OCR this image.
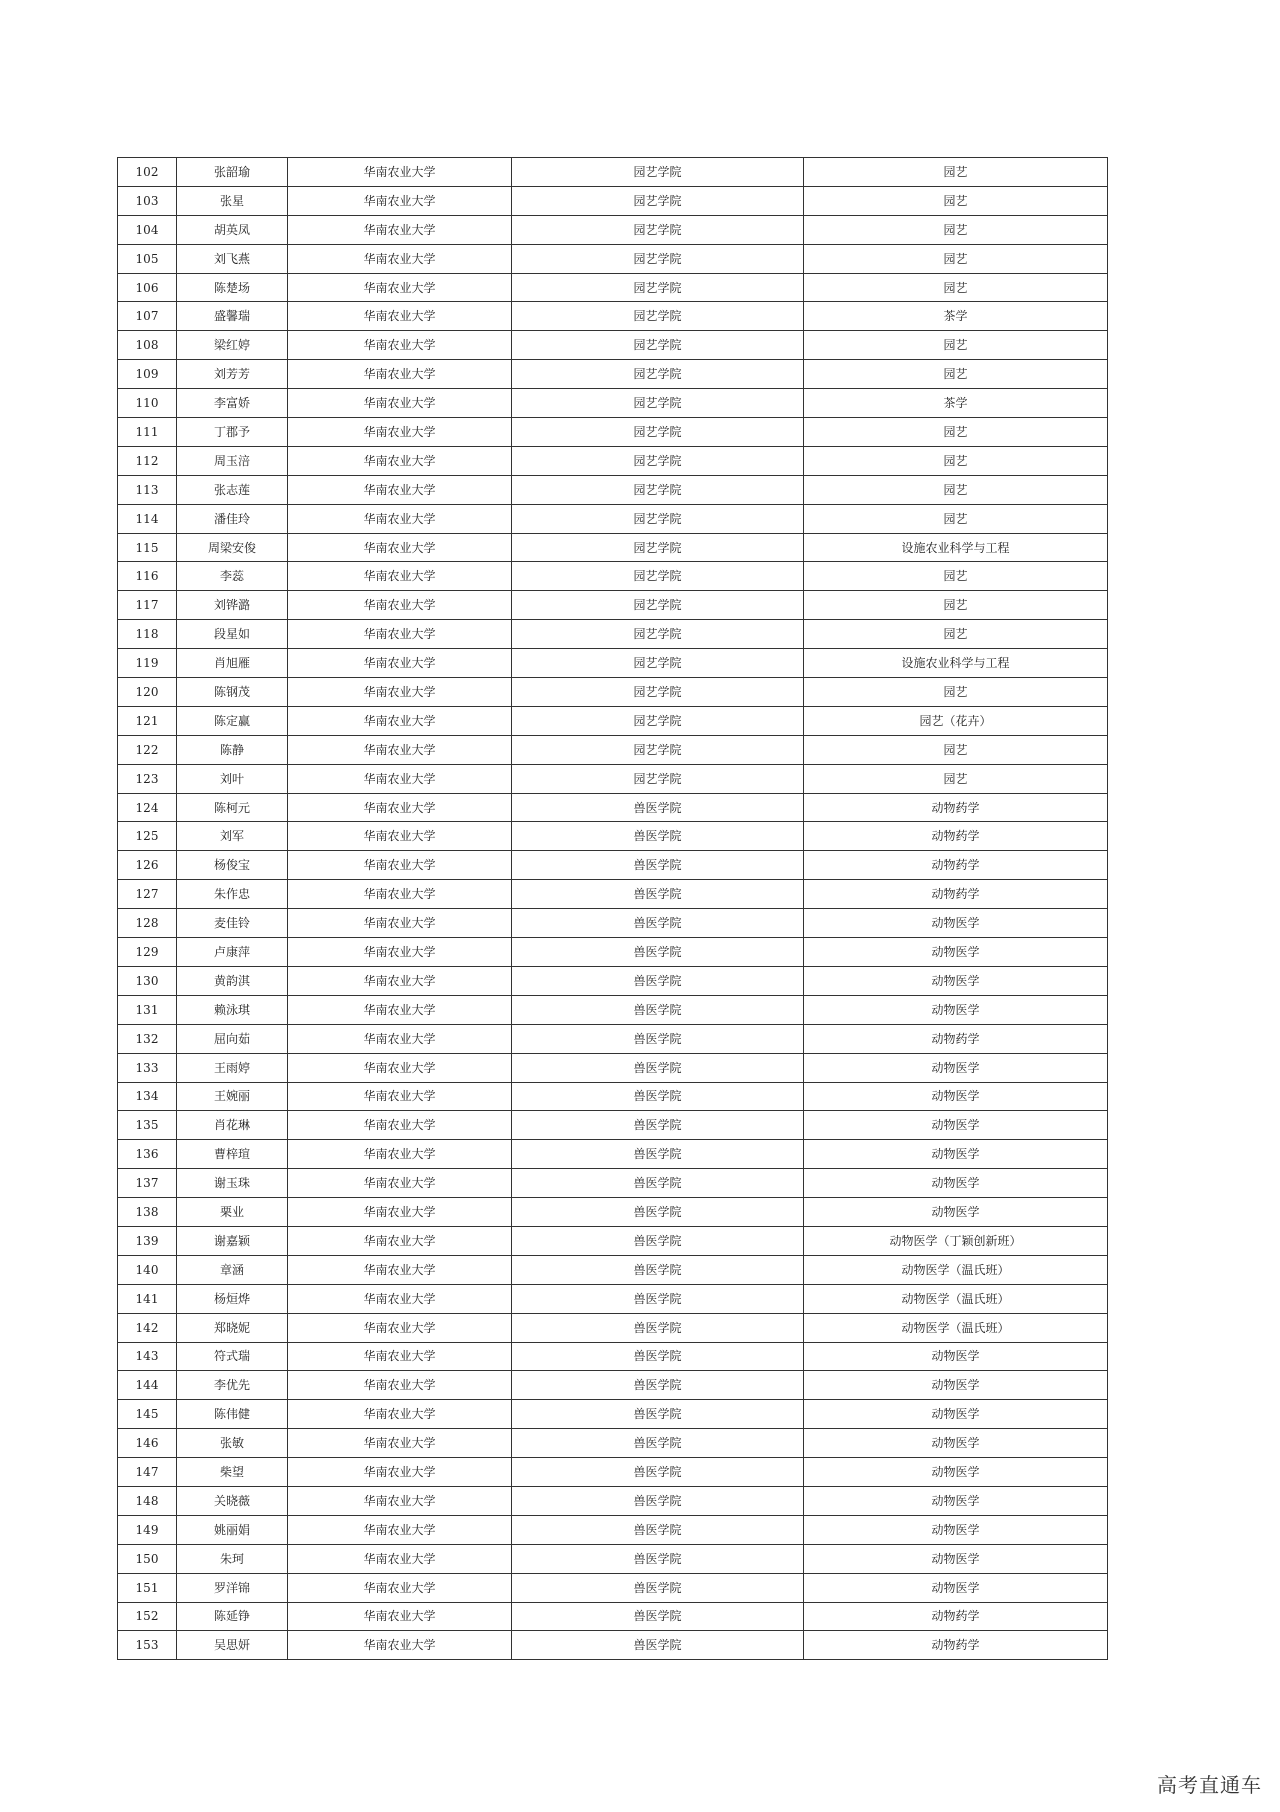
102	张韶瑜	华南农业大学	园艺学院	园艺
103	张星	华南农业大学	园艺学院	园艺
104	胡英凤	华南农业大学	园艺学院	园艺
105	刘飞燕	华南农业大学	园艺学院	园艺
106	陈楚场	华南农业大学	园艺学院	园艺
107	盛馨瑞	华南农业大学	园艺学院	茶学
108	梁红婷	华南农业大学	园艺学院	园艺
109	刘芳芳	华南农业大学	园艺学院	园艺
110	李富娇	华南农业大学	园艺学院	茶学
111	丁郡予	华南农业大学	园艺学院	园艺
112	周玉涪	华南农业大学	园艺学院	园艺
113	张志莲	华南农业大学	园艺学院	园艺
114	潘佳玲	华南农业大学	园艺学院	园艺
115	周梁安俊	华南农业大学	园艺学院	设施农业科学与工程
116	李蕊	华南农业大学	园艺学院	园艺
117	刘铧潞	华南农业大学	园艺学院	园艺
118	段星如	华南农业大学	园艺学院	园艺
119	肖旭雁	华南农业大学	园艺学院	设施农业科学与工程
120	陈钢茂	华南农业大学	园艺学院	园艺
121	陈定赢	华南农业大学	园艺学院	园艺（花卉）
122	陈静	华南农业大学	园艺学院	园艺
123	刘叶	华南农业大学	园艺学院	园艺
124	陈柯元	华南农业大学	兽医学院	动物药学
125	刘军	华南农业大学	兽医学院	动物药学
126	杨俊宝	华南农业大学	兽医学院	动物药学
127	朱作忠	华南农业大学	兽医学院	动物药学
128	麦佳铃	华南农业大学	兽医学院	动物医学
129	卢康萍	华南农业大学	兽医学院	动物医学
130	黄韵淇	华南农业大学	兽医学院	动物医学
131	赖泳琪	华南农业大学	兽医学院	动物医学
132	屈向茹	华南农业大学	兽医学院	动物药学
133	王雨婷	华南农业大学	兽医学院	动物医学
134	王婉丽	华南农业大学	兽医学院	动物医学
135	肖花琳	华南农业大学	兽医学院	动物医学
136	曹梓瑄	华南农业大学	兽医学院	动物医学
137	谢玉珠	华南农业大学	兽医学院	动物医学
138	栗业	华南农业大学	兽医学院	动物医学
139	谢嘉颖	华南农业大学	兽医学院	动物医学（丁颖创新班）
140	章涵	华南农业大学	兽医学院	动物医学（温氏班）
141	杨烜烨	华南农业大学	兽医学院	动物医学（温氏班）
142	郑晓妮	华南农业大学	兽医学院	动物医学（温氏班）
143	符式瑞	华南农业大学	兽医学院	动物医学
144	李优先	华南农业大学	兽医学院	动物医学
145	陈伟健	华南农业大学	兽医学院	动物医学
146	张敏	华南农业大学	兽医学院	动物医学
147	柴望	华南农业大学	兽医学院	动物医学
148	关晓薇	华南农业大学	兽医学院	动物医学
149	姚丽娟	华南农业大学	兽医学院	动物医学
150	朱珂	华南农业大学	兽医学院	动物医学
151	罗洋锦	华南农业大学	兽医学院	动物医学
152	陈延铮	华南农业大学	兽医学院	动物药学
153	吴思妍	华南农业大学	兽医学院	动物药学
高考直通车
